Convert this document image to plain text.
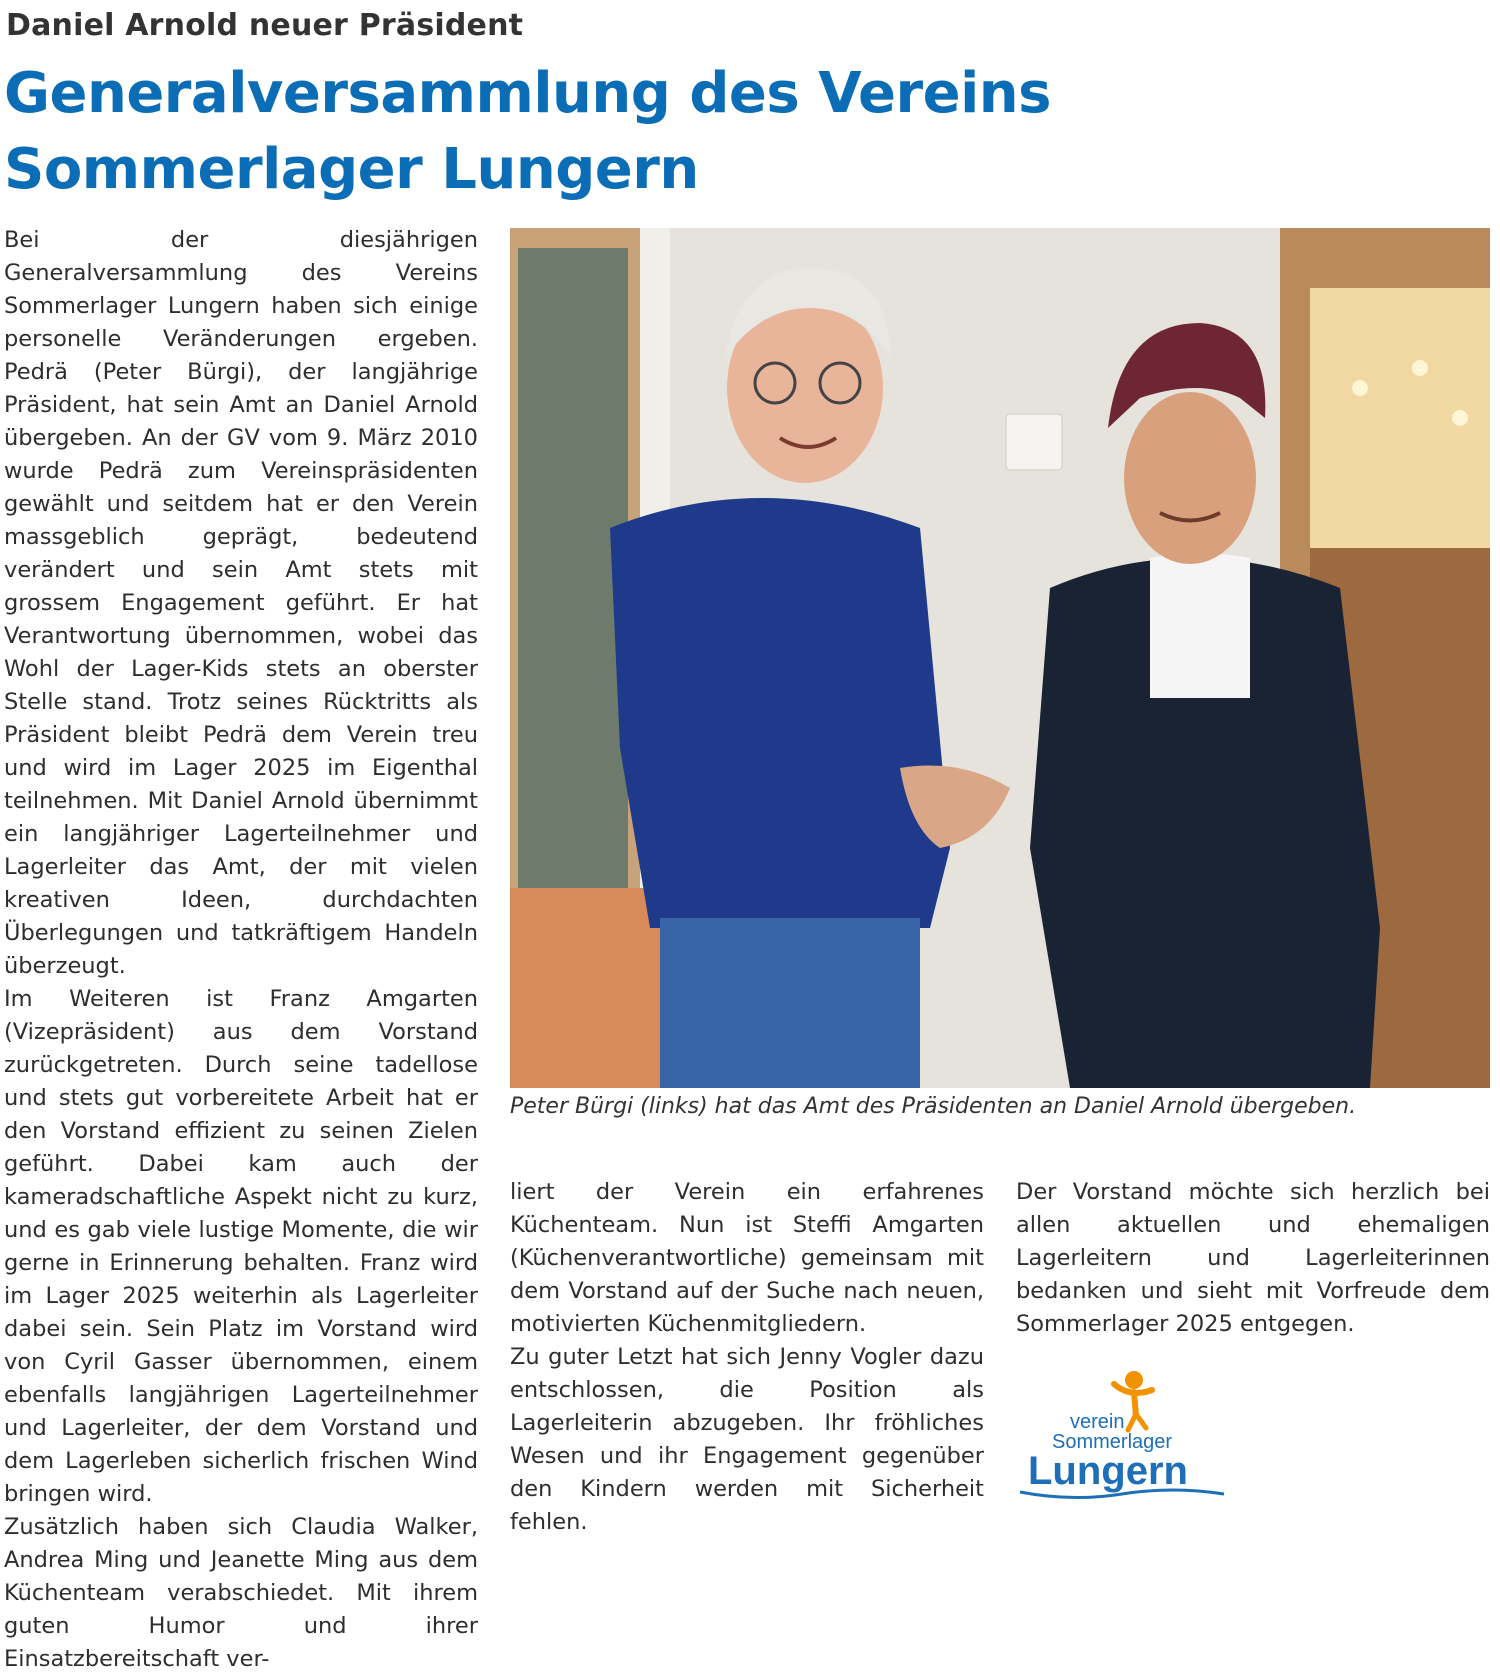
Daniel Arnold neuer Präsident
Generalversammlung des Vereins
Sommerlager Lungern

Bei der diesjährigen Generalversammlung des Vereins Sommerlager Lungern haben sich einige personelle Veränderungen ergeben. Pedrä (Peter Bürgi), der langjährige Präsident, hat sein Amt an Daniel Arnold übergeben. An der GV vom 9. März 2010 wurde Pedrä zum Vereinspräsidenten gewählt und seitdem hat er den Verein massgeblich geprägt, bedeutend verändert und sein Amt stets mit grossem Engagement geführt. Er hat Verantwortung übernommen, wobei das Wohl der Lager-Kids stets an oberster Stelle stand. Trotz seines Rücktritts als Präsident bleibt Pedrä dem Verein treu und wird im Lager 2025 im Eigenthal teilnehmen. Mit Daniel Arnold übernimmt ein langjähriger Lagerteilnehmer und Lagerleiter das Amt, der mit vielen kreativen Ideen, durchdachten Überlegungen und tatkräftigem Handeln überzeugt.

Im Weiteren ist Franz Amgarten (Vizepräsident) aus dem Vorstand zurückgetreten. Durch seine tadellose und stets gut vorbereitete Arbeit hat er den Vorstand effizient zu seinen Zielen geführt. Dabei kam auch der kameradschaftliche Aspekt nicht zu kurz, und es gab viele lustige Momente, die wir gerne in Erinnerung behalten. Franz wird im Lager 2025 weiterhin als Lagerleiter dabei sein. Sein Platz im Vorstand wird von Cyril Gasser übernommen, einem ebenfalls langjährigen Lagerteilnehmer und Lagerleiter, der dem Vorstand und dem Lagerleben sicherlich frischen Wind bringen wird.

Zusätzlich haben sich Claudia Walker, Andrea Ming und Jeanette Ming aus dem Küchenteam verabschiedet. Mit ihrem guten Humor und ihrer Einsatzbereitschaft ver-

Peter Bürgi (links) hat das Amt des Präsidenten an Daniel Arnold übergeben.

liert der Verein ein erfahrenes Küchenteam. Nun ist Steffi Amgarten (Küchenverantwortliche) gemeinsam mit dem Vorstand auf der Suche nach neuen, motivierten Küchenmitgliedern.

Zu guter Letzt hat sich Jenny Vogler dazu entschlossen, die Position als Lagerleiterin abzugeben. Ihr fröhliches Wesen und ihr Engagement gegenüber den Kindern werden mit Sicherheit fehlen.

Der Vorstand möchte sich herzlich bei allen aktuellen und ehemaligen Lagerleitern und Lagerleiterinnen bedanken und sieht mit Vorfreude dem Sommerlager 2025 entgegen.

verein
Sommerlager
Lungern
